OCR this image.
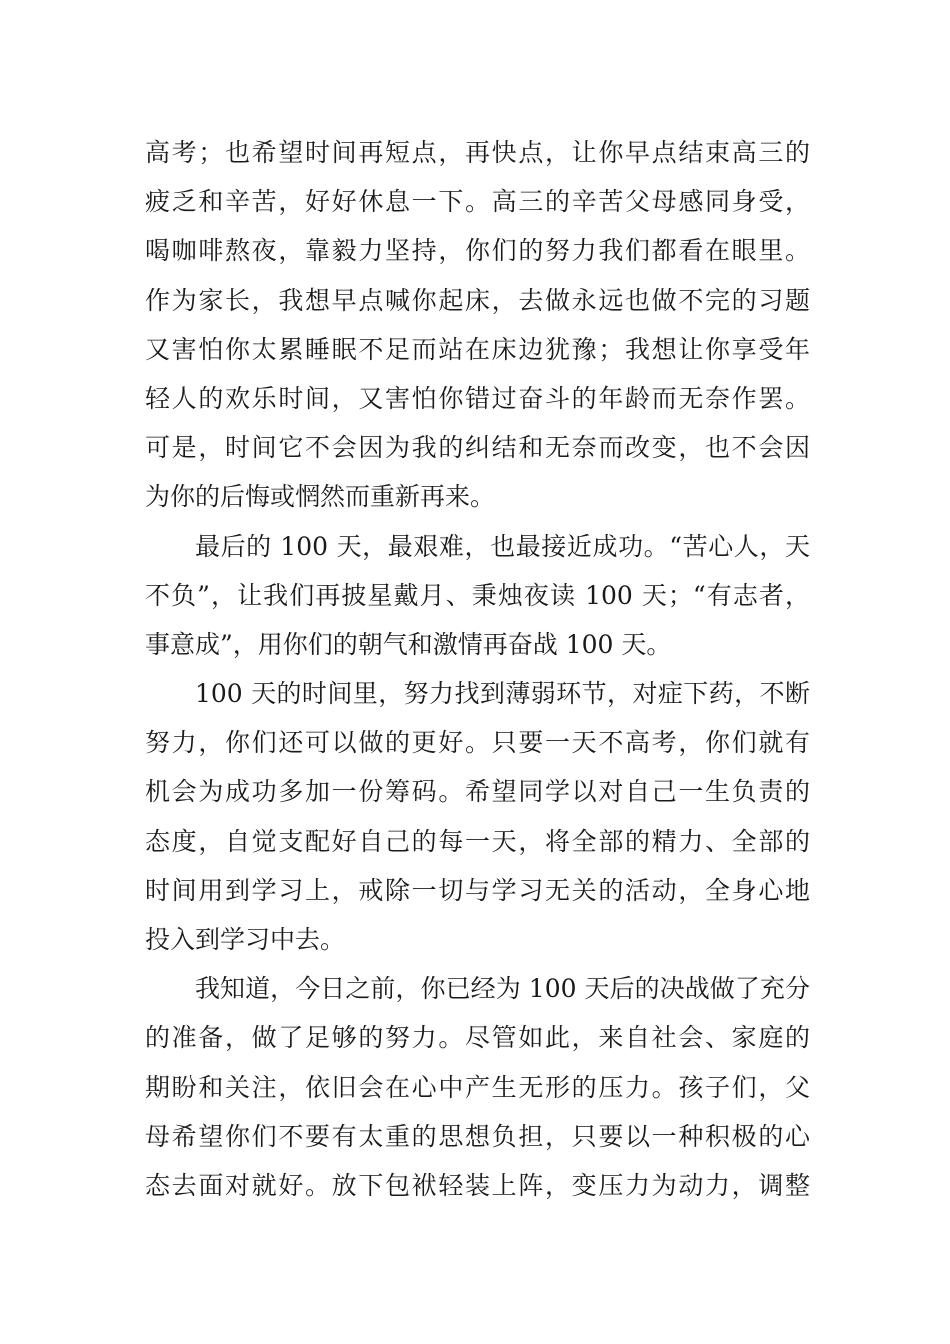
高考；也希望时间再短点，再快点，让你早点结束高三的
疲乏和辛苦，好好休息一下。高三的辛苦父母感同身受，
喝咖啡熬夜，靠毅力坚持，你们的努力我们都看在眼里。
作为家长，我想早点喊你起床，去做永远也做不完的习题
又害怕你太累睡眠不足而站在床边犹豫；我想让你享受年
轻人的欢乐时间，又害怕你错过奋斗的年龄而无奈作罢。
可是，时间它不会因为我的纠结和无奈而改变，也不会因
为你的后悔或惘然而重新再来。
最后的 100 天，最艰难，也最接近成功。“苦心人，天
不负”，让我们再披星戴月、秉烛夜读 100 天；“有志者，
事意成”，用你们的朝气和激情再奋战 100 天。
100 天的时间里，努力找到薄弱环节，对症下药，不断
努力，你们还可以做的更好。只要一天不高考，你们就有
机会为成功多加一份筹码。希望同学以对自己一生负责的
态度，自觉支配好自己的每一天，将全部的精力、全部的
时间用到学习上，戒除一切与学习无关的活动，全身心地
投入到学习中去。
我知道，今日之前，你已经为 100 天后的决战做了充分
的准备，做了足够的努力。尽管如此，来自社会、家庭的
期盼和关注，依旧会在心中产生无形的压力。孩子们，父
母希望你们不要有太重的思想负担，只要以一种积极的心
态去面对就好。放下包袱轻装上阵，变压力为动力，调整
